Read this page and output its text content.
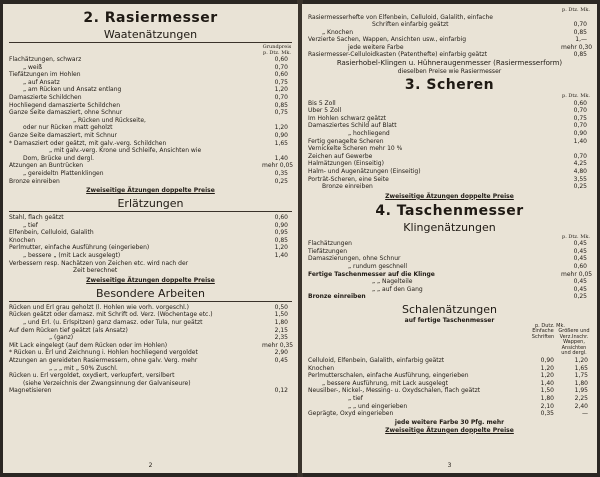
2. Rasiermesser
Waatenätzungen
Grundpreis p. Dtz. Mk.
Flachätzungen, schwarz	0,60
„ weiß	0,70
Tiefätzungen im Hohlen	0,60
„ auf Ansatz	0,75
„ am Rücken und Ansatz entlang	1,20
Damaszierte Schildchen	0,70
Hochliegend damaszierte Schildchen	0,85
Ganze Seite damasziert, ohne Schnur	0,75
„ Rücken und Rückseite,
oder nur Rücken matt geholzt	1,20
Ganze Seite damasziert, mit Schnur	0,90
* Damasziert oder geätzt, mit galv.-verg. Schildchen	1,65
„ mit galv.-verg. Krone und Schleife, Ansichten wie
Dom, Brücke und dergl.	1,40
Ätzungen an Buntrücken	mehr 0,05
„ gereideltn Plattenklingen	0,35
Bronze einreiben	0,25
Zweiseitige Ätzungen doppelte Preise
Erlätzungen
Stahl, flach geätzt	0,60
„ tief	0,90
Elfenbein, Celluloid, Galalith	0,95
Knochen	0,85
Perlmutter, einfache Ausführung (eingerieben)	1,20
„ bessere „ (mit Lack ausgelegt)	1,40
Verbessern resp. Nachätzen von Zeichen etc. wird nach der
Zeit berechnet
Zweiseitige Ätzungen doppelte Preise
Besondere Arbeiten
Rücken und Erl grau geholzt (l. Hohlen wie vorh. vorgeschl.)	0,50
Rücken geätzt oder damasz. mit Schrift od. Verz. (Wochentage etc.)	1,50
„ und Erl. (u. Erlspitzen) ganz damasz. oder Tula, nur geätzt	1,80
Auf dem Rücken tief geätzt (als Ansatz)	2,15
„ (ganz)	2,35
Mit Lack eingelegt (auf dem Rücken oder im Hohlen)	mehr 0,35
* Rücken u. Erl und Zeichnung i. Hohlen hochliegend vergoldet	2,90
Ätzungen an gereideten Rasiermessern, ohne galv. Verg. mehr	0,45
„ „ „ mit „ 50% Zuschl.
Rücken u. Erl vergoldet, oxydiert, verkupfert, versilbert
(siehe Verzeichnis der Zwangsinnung der Galvaniseure)
Magnetisieren	0,12
2
p. Dtz. Mk.
Rasiermesserhefte von Elfenbein, Celluloid, Galalith, einfache
Schriften einfarbig geätzt	0,70
„ Knochen	0,85
Verzierte Sachen, Wappen, Ansichten usw., einfarbig	1,—
jede weitere Farbe	mehr 0,30
Rasiermesser-Celluloidkasten (Patenthefte) einfarbig geätzt	0,85
Rasierhobel-Klingen u. Hühneraugenmesser (Rasiermesserform)
dieselben Preise wie Rasiermesser
3. Scheren
p. Dtz. Mk.
Bis 5 Zoll	0,60
Über 5 Zoll	0,70
Im Hohlen schwarz geätzt	0,75
Damasziertes Schild auf Blatt	0,70
„ hochliegend	0,90
Fertig genagelte Scheren	1,40
Vernickelte Scheren mehr 10 %
Zeichen auf Gewerbe	0,70
Halmätzungen (Einseitig)	4,25
Halm- und Augenätzungen (Einseitig)	4,80
Porträt-Scheren, eine Seite	3,55
Bronze einreiben	0,25
Zweiseitige Ätzungen doppelte Preise
4. Taschenmesser
Klingenätzungen
p. Dtz. Mk.
Flachätzungen	0,45
Tiefätzungen	0,45
Damaszierungen, ohne Schnur	0,45
„ rundum geschnell	0,60
Fertige Taschenmesser auf die Klinge	mehr 0,05
„ „ Nagelteile	0,45
„ „ auf den Gang	0,45
Bronze einreiben	0,25
Schalenätzungen
auf fertige Taschenmesser
p. Dutz. Mk.
Einfache Schriften
Größere und Verz.Inschr. Wappen, Ansichten und dergl.
Celluloid, Elfenbein, Galalith, einfarbig geätzt	0,90	1,20
Knochen	1,20	1,65
Perlmutterschalen, einfache Ausführung, eingerieben	1,20	1,75
„ bessere Ausführung, mit Lack ausgelegt	1,40	1,80
Neusilber-, Nickel-, Messing- u. Oxydschalen, flach geätzt	1,50	1,95
„ tief	1,80	2,25
„ „ und eingerieben	2,10	2,40
Geprägte, Oxyd eingerieben	0,35	—
jede weitere Farbe 30 Pfg. mehr
Zweiseitige Ätzungen doppelte Preise
3
